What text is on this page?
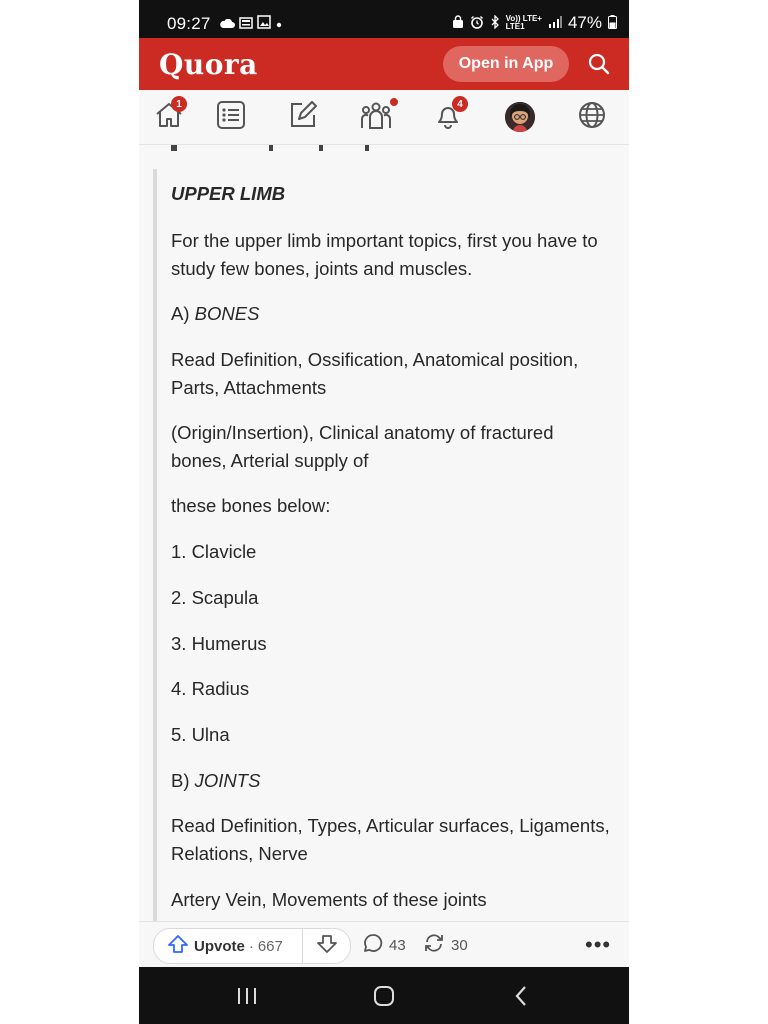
09:27	Vo)) LTE+
LTE1	47%
Quora	Open in App
1	4
UPPER LIMB
For the upper limb important topics, first you have to study few bones, joints and muscles.
A) BONES
Read Definition, Ossification, Anatomical position, Parts, Attachments
(Origin/Insertion), Clinical anatomy of fractured bones, Arterial supply of
these bones below:
1. Clavicle
2. Scapula
3. Humerus
4. Radius
5. Ulna
B) JOINTS
Read Definition, Types, Articular surfaces, Ligaments, Relations, Nerve
Artery Vein, Movements of these joints
Upvote · 667	43	30	•••
